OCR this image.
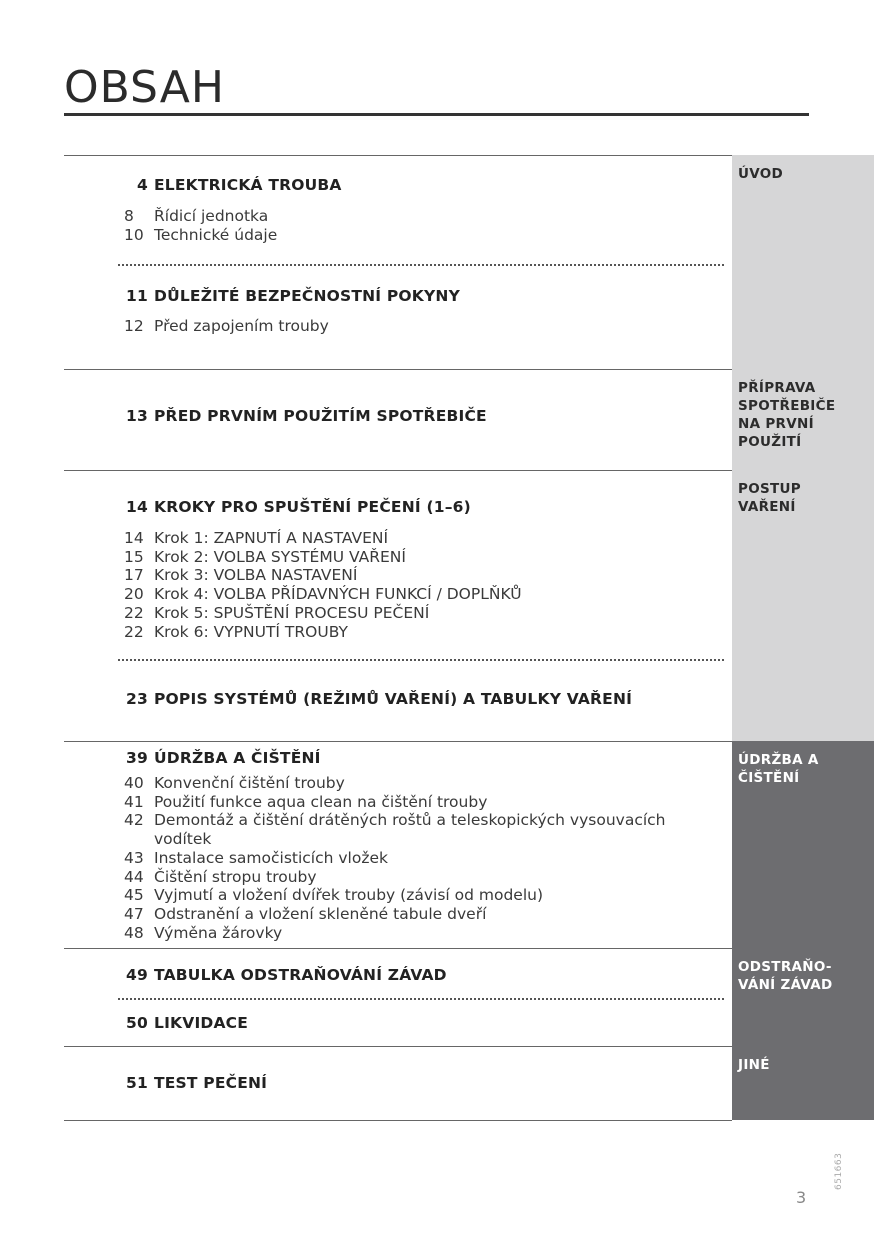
OBSAH
ÚVOD
4 ELEKTRICKÁ TROUBA
8	Řídicí jednotka
10 Technické údaje
11 DŮLEŽITÉ BEZPEČNOSTNÍ POKYNY
12 Před zapojením trouby
PŘÍPRAVA
SPOTŘEBIČE
NA PRVNÍ
POUŽITÍ
13 PŘED PRVNÍM POUŽITÍM SPOTŘEBIČE
POSTUP
VAŘENÍ
14 KROKY PRO SPUŠTĚNÍ PEČENÍ (1–6)
14 Krok 1: ZAPNUTÍ A NASTAVENÍ
15 Krok 2: VOLBA SYSTÉMU VAŘENÍ
17 Krok 3: VOLBA NASTAVENÍ
20 Krok 4: VOLBA PŘÍDAVNÝCH FUNKCÍ / DOPLŇKŮ
22 Krok 5: SPUŠTĚNÍ PROCESU PEČENÍ
22 Krok 6: VYPNUTÍ TROUBY
23 POPIS SYSTÉMŮ (REŽIMŮ VAŘENÍ) A TABULKY VAŘENÍ
ÚDRŽBA A
ČIŠTĚNÍ
39 ÚDRŽBA A ČIŠTĚNÍ
40 Konvenční čištění trouby
41 Použití funkce aqua clean na čištění trouby
42 Demontáž a čištění drátěných roštů a teleskopických vysouvacích
vodítek
43 Instalace samočisticích vložek
44 Čištění stropu trouby
45 Vyjmutí a vložení dvířek trouby (závisí od modelu)
47 Odstranění a vložení skleněné tabule dveří
48 Výměna žárovky
ODSTRAŇO-
VÁNÍ ZÁVAD
49 TABULKA ODSTRAŇOVÁNÍ ZÁVAD
50 LIKVIDACE
JINÉ
51 TEST PEČENÍ
3
651663
